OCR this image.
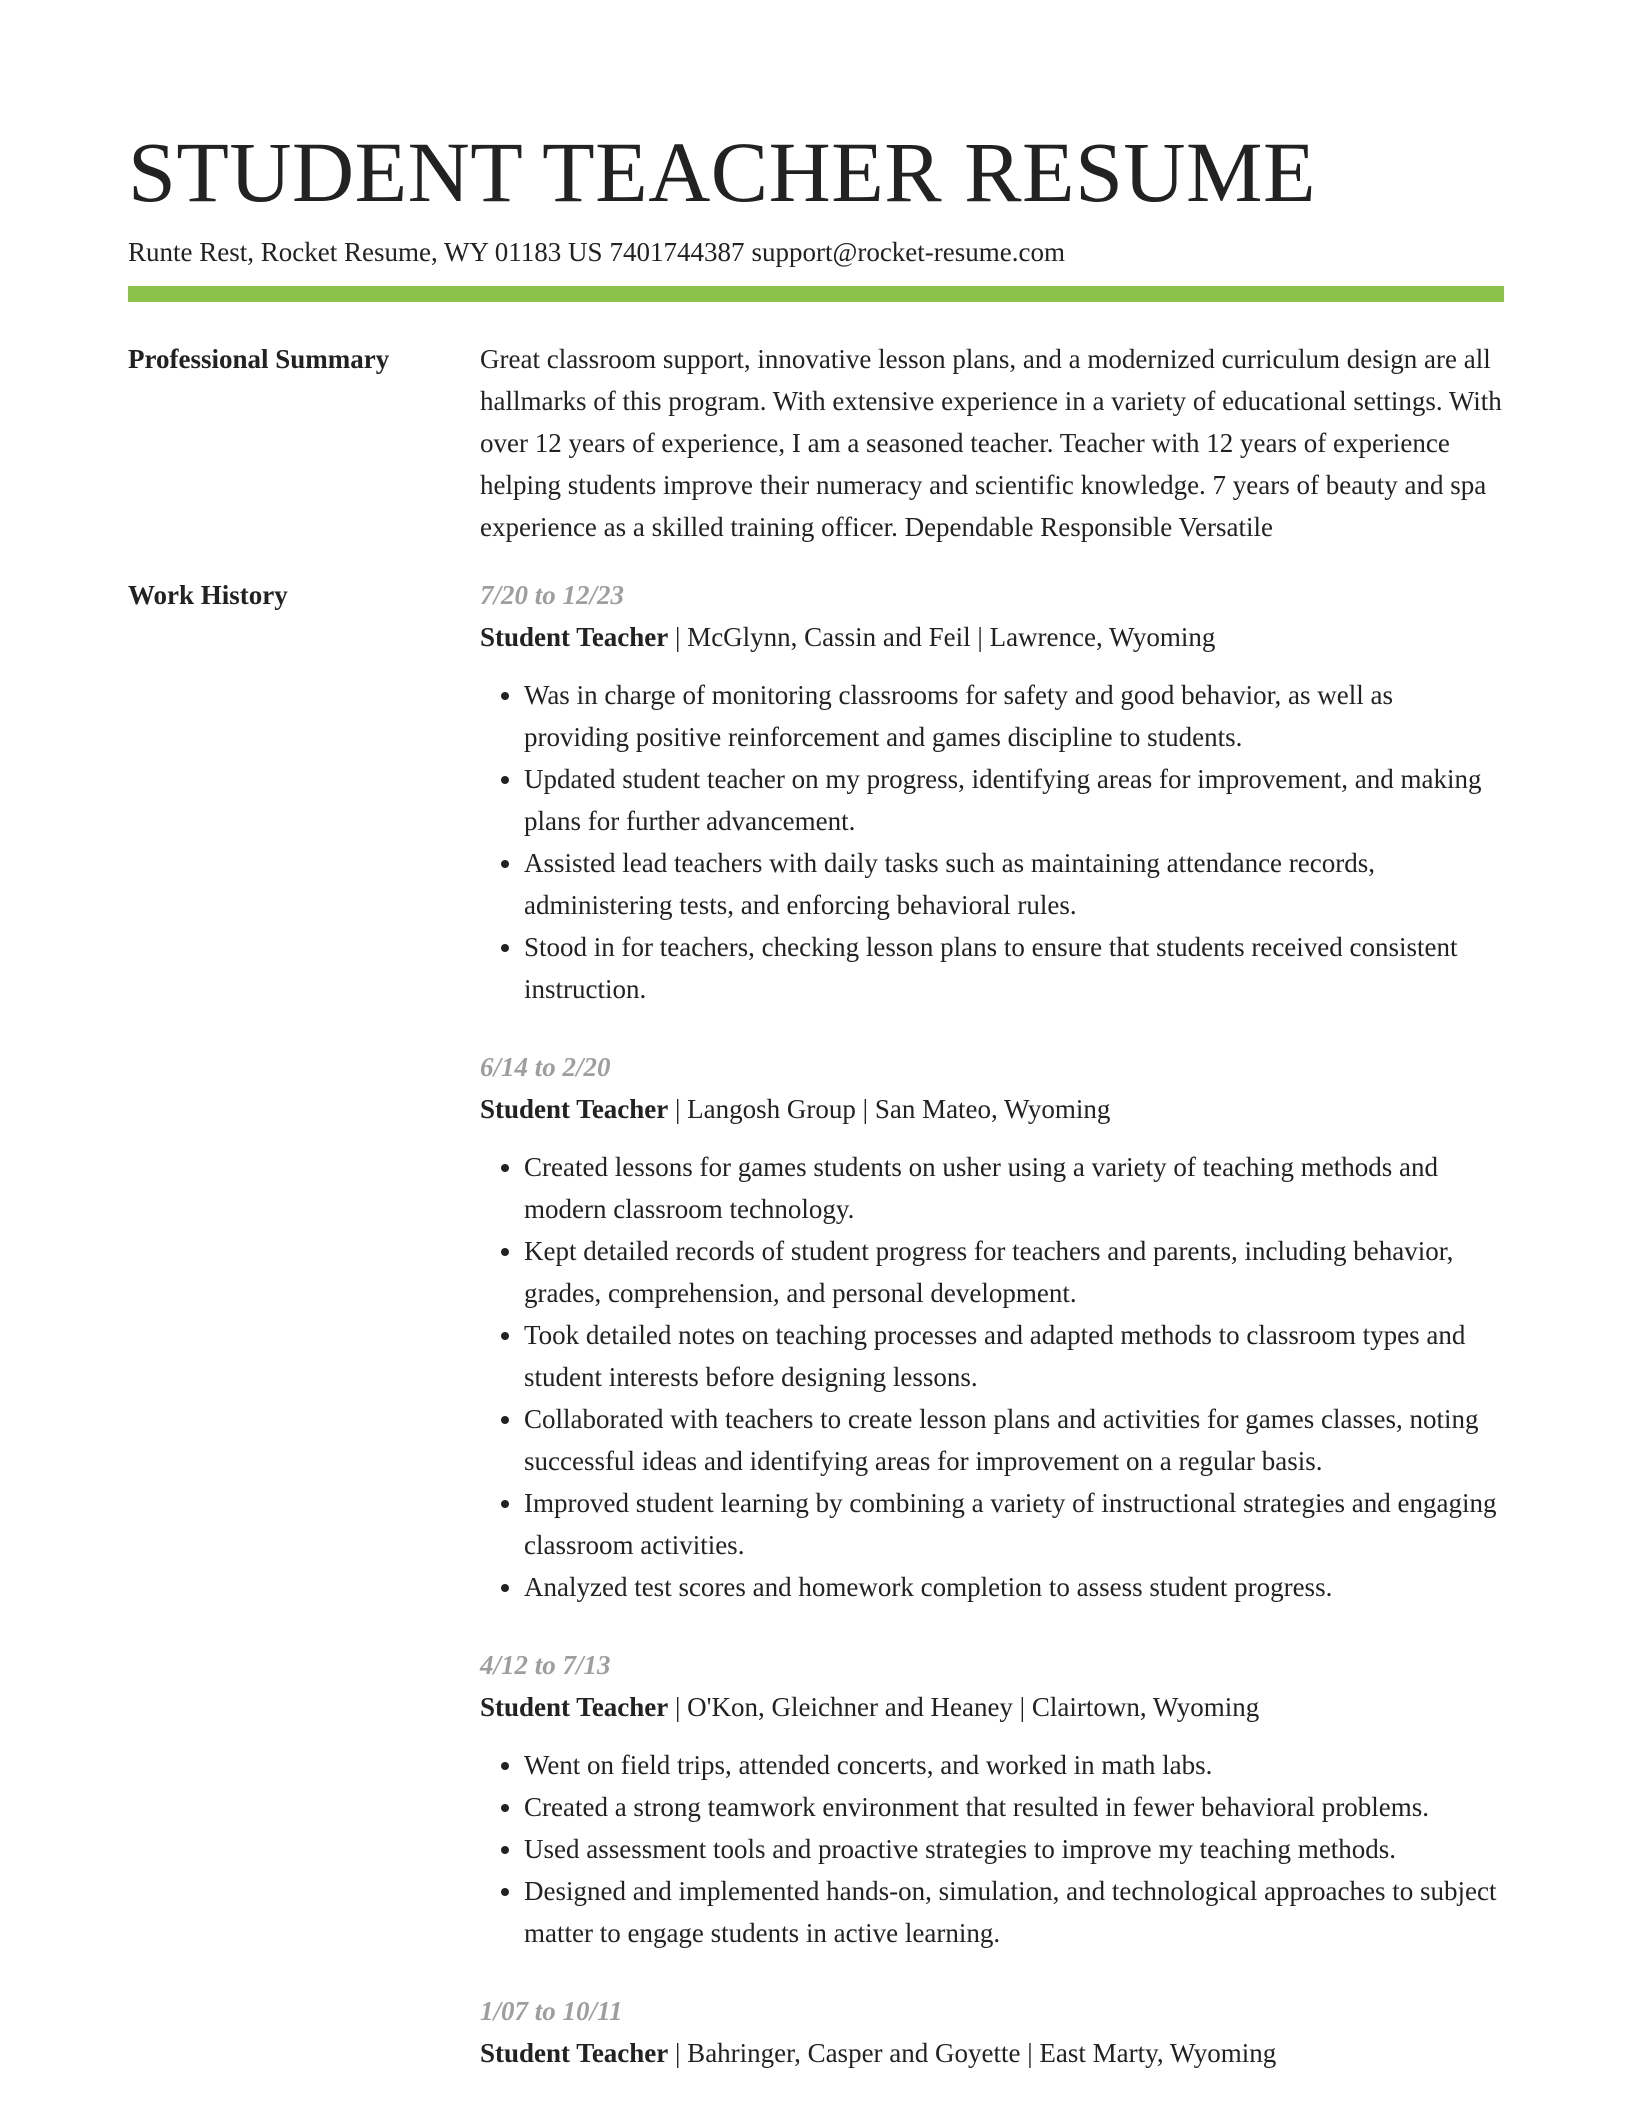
STUDENT TEACHER RESUME
Runte Rest, Rocket Resume, WY 01183 US 7401744387 support@rocket-resume.com
Professional Summary	Great classroom support, innovative lesson plans, and a modernized curriculum design are all hallmarks of this program. With extensive experience in a variety of educational settings. With over 12 years of experience, I am a seasoned teacher. Teacher with 12 years of experience helping students improve their numeracy and scientific knowledge. 7 years of beauty and spa experience as a skilled training officer. Dependable Responsible Versatile

Work History	7/20 to 12/23
Student Teacher | McGlynn, Cassin and Feil | Lawrence, Wyoming
• Was in charge of monitoring classrooms for safety and good behavior, as well as providing positive reinforcement and games discipline to students.
• Updated student teacher on my progress, identifying areas for improvement, and making plans for further advancement.
• Assisted lead teachers with daily tasks such as maintaining attendance records, administering tests, and enforcing behavioral rules.
• Stood in for teachers, checking lesson plans to ensure that students received consistent instruction.
6/14 to 2/20
Student Teacher | Langosh Group | San Mateo, Wyoming
• Created lessons for games students on usher using a variety of teaching methods and modern classroom technology.
• Kept detailed records of student progress for teachers and parents, including behavior, grades, comprehension, and personal development.
• Took detailed notes on teaching processes and adapted methods to classroom types and student interests before designing lessons.
• Collaborated with teachers to create lesson plans and activities for games classes, noting successful ideas and identifying areas for improvement on a regular basis.
• Improved student learning by combining a variety of instructional strategies and engaging classroom activities.
• Analyzed test scores and homework completion to assess student progress.
4/12 to 7/13
Student Teacher | O'Kon, Gleichner and Heaney | Clairtown, Wyoming
• Went on field trips, attended concerts, and worked in math labs.
• Created a strong teamwork environment that resulted in fewer behavioral problems.
• Used assessment tools and proactive strategies to improve my teaching methods.
• Designed and implemented hands-on, simulation, and technological approaches to subject matter to engage students in active learning.
1/07 to 10/11
Student Teacher | Bahringer, Casper and Goyette | East Marty, Wyoming
